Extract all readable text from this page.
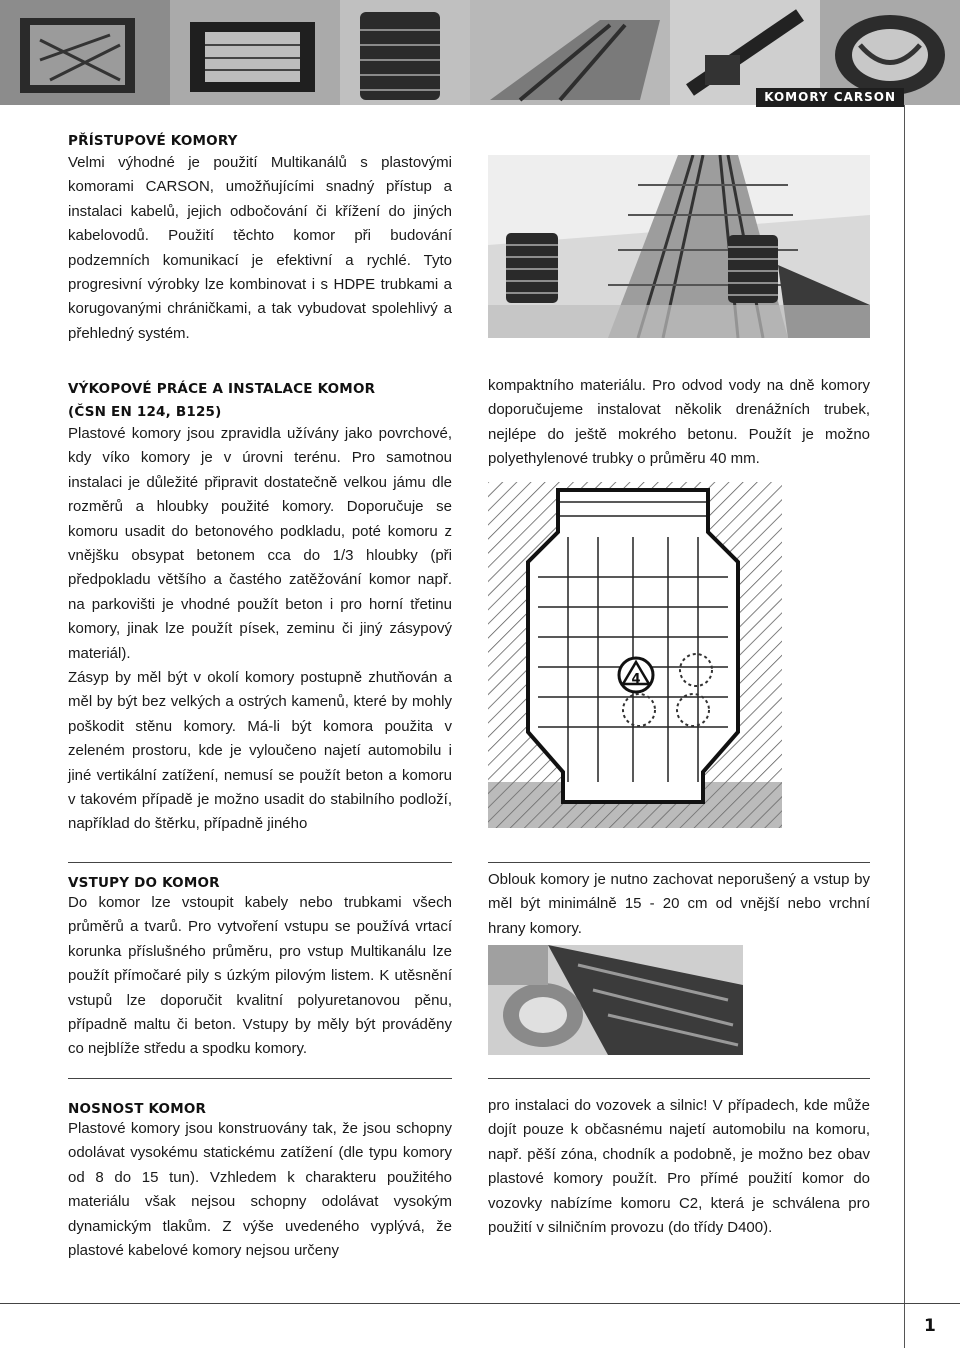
KOMORY CARSON
PŘÍSTUPOVÉ KOMORY

Velmi výhodné je použití Multikanálů s plastovými komorami CARSON, umožňujícími snadný přístup a instalaci kabelů, jejich odbočování či křížení do jiných kabelovodů. Použití těchto komor při budování podzemních komunikací je efektivní a rychlé. Tyto progresivní výrobky lze kombinovat i s HDPE trubkami a korugovanými chráničkami, a tak vybudovat spolehlivý a přehledný systém.

VÝKOPOVÉ PRÁCE A INSTALACE KOMOR
(ČSN EN 124, B125)

Plastové komory jsou zpravidla užívány jako povrchové, kdy víko komory je v úrovni terénu. Pro samotnou instalaci je důležité připravit dostatečně velkou jámu dle rozměrů a hloubky použité komory. Doporučuje se komoru usadit do betonového podkladu, poté komoru z vnějšku obsypat betonem cca do 1/3 hloubky (při předpokladu většího a častého zatěžování komor např. na parkovišti je vhodné použít beton i pro horní třetinu komory, jinak lze použít písek, zeminu či jiný zásypový materiál).

Zásyp by měl být v okolí komory postupně zhutňován a měl by být bez velkých a ostrých kamenů, které by mohly poškodit stěnu komory. Má-li být komora použita v zeleném prostoru, kde je vyloučeno najetí automobilu i jiné vertikální zatížení, nemusí se použít beton a komoru v takovém případě je možno usadit do stabilního podloží, například do štěrku, případně jiného

kompaktního materiálu. Pro odvod vody na dně komory doporučujeme instalovat několik drenážních trubek, nejlépe do ještě mokrého betonu. Použít je možno polyethylenové trubky o průměru 40 mm.

4
VSTUPY DO KOMOR

Do komor lze vstoupit kabely nebo trubkami všech průměrů a tvarů. Pro vytvoření vstupu se používá vrtací korunka příslušného průměru, pro vstup Multikanálu lze použít přímočaré pily s úzkým pilovým listem. K utěsnění vstupů lze doporučit kvalitní polyuretanovou pěnu, případně maltu či beton. Vstupy by měly být prováděny co nejblíže středu a spodku komory.

Oblouk komory je nutno zachovat neporušený a vstup by měl být minimálně 15 - 20 cm od vnější nebo vrchní hrany komory.

NOSNOST KOMOR

Plastové komory jsou konstruovány tak, že jsou schopny odolávat vysokému statickému zatížení (dle typu komory od 8 do 15 tun). Vzhledem k charakteru použitého materiálu však nejsou schopny odolávat vysokým dynamickým tlakům. Z výše uvedeného vyplývá, že plastové kabelové komory nejsou určeny

pro instalaci do vozovek a silnic! V případech, kde může dojít pouze k občasnému najetí automobilu na komoru, např. pěší zóna, chodník a podobně, je možno bez obav plastové komory použít. Pro přímé použití komor do vozovky nabízíme komoru C2, která je schválena pro použití v silničním provozu (do třídy D400).

1
